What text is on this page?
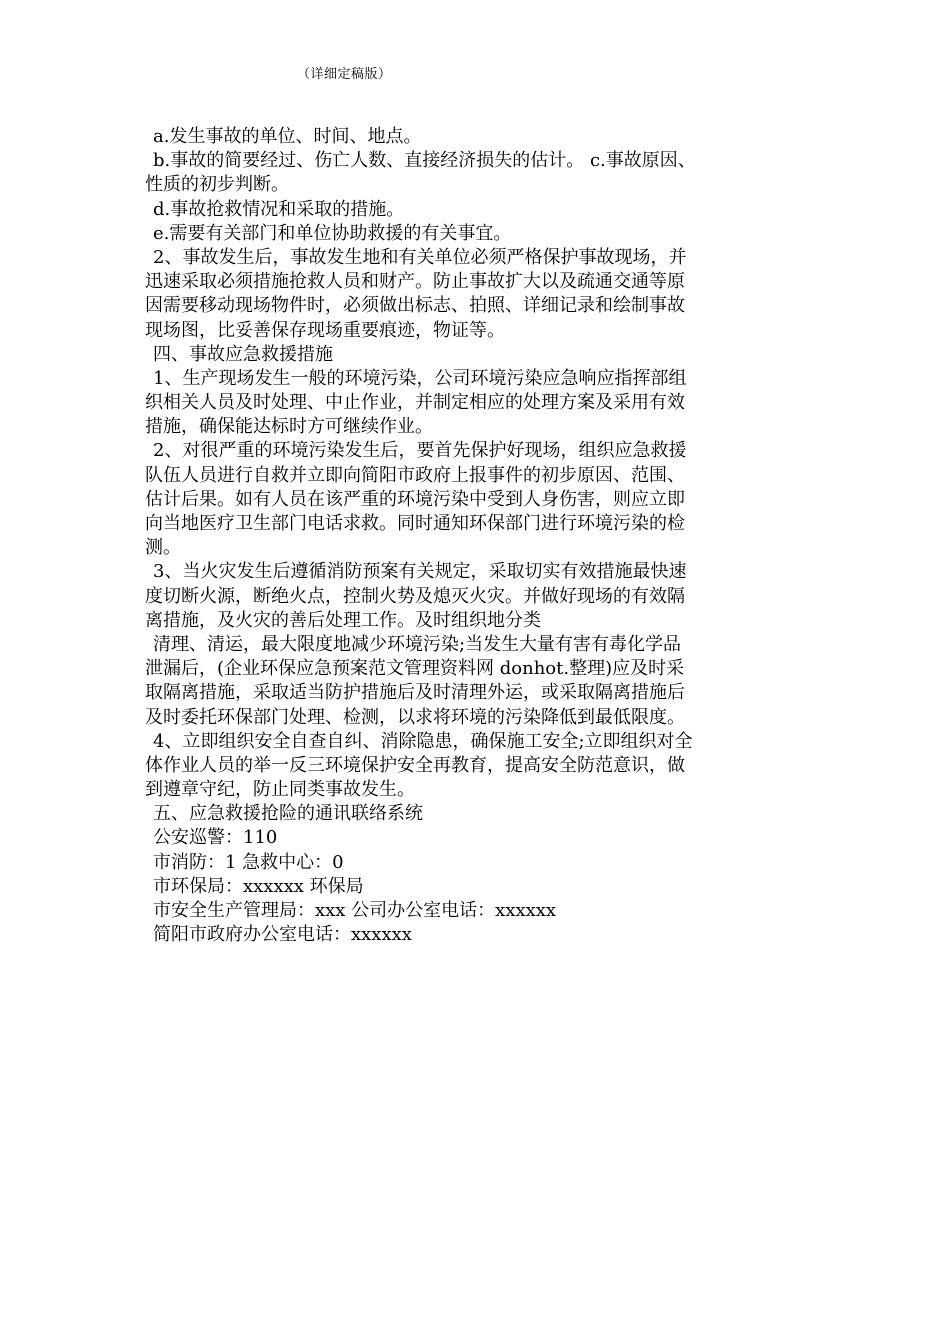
（详细定稿版）
a.发生事故的单位、时间、地点。
b.事故的简要经过、伤亡人数、直接经济损失的估计。 c.事故原因、
性质的初步判断。
d.事故抢救情况和采取的措施。
e.需要有关部门和单位协助救援的有关事宜。
2、事故发生后，事故发生地和有关单位必须严格保护事故现场，并
迅速采取必须措施抢救人员和财产。防止事故扩大以及疏通交通等原
因需要移动现场物件时，必须做出标志、拍照、详细记录和绘制事故
现场图，比妥善保存现场重要痕迹，物证等。
四、事故应急救援措施
1、生产现场发生一般的环境污染，公司环境污染应急响应指挥部组
织相关人员及时处理、中止作业，并制定相应的处理方案及采用有效
措施，确保能达标时方可继续作业。
2、对很严重的环境污染发生后，要首先保护好现场，组织应急救援
队伍人员进行自救并立即向简阳市政府上报事件的初步原因、范围、
估计后果。如有人员在该严重的环境污染中受到人身伤害，则应立即
向当地医疗卫生部门电话求救。同时通知环保部门进行环境污染的检
测。
3、当火灾发生后遵循消防预案有关规定，采取切实有效措施最快速
度切断火源，断绝火点，控制火势及熄灭火灾。并做好现场的有效隔
离措施，及火灾的善后处理工作。及时组织地分类
清理、清运，最大限度地减少环境污染;当发生大量有害有毒化学品
泄漏后，(企业环保应急预案范文管理资料网 donhot.整理)应及时采
取隔离措施，采取适当防护措施后及时清理外运，或采取隔离措施后
及时委托环保部门处理、检测，以求将环境的污染降低到最低限度。
4、立即组织安全自查自纠、消除隐患，确保施工安全;立即组织对全
体作业人员的举一反三环境保护安全再教育，提高安全防范意识，做
到遵章守纪，防止同类事故发生。
五、应急救援抢险的通讯联络系统
公安巡警：110
市消防：1 急救中心：0
市环保局：xxxxxx 环保局
市安全生产管理局：xxx 公司办公室电话：xxxxxx
简阳市政府办公室电话：xxxxxx
